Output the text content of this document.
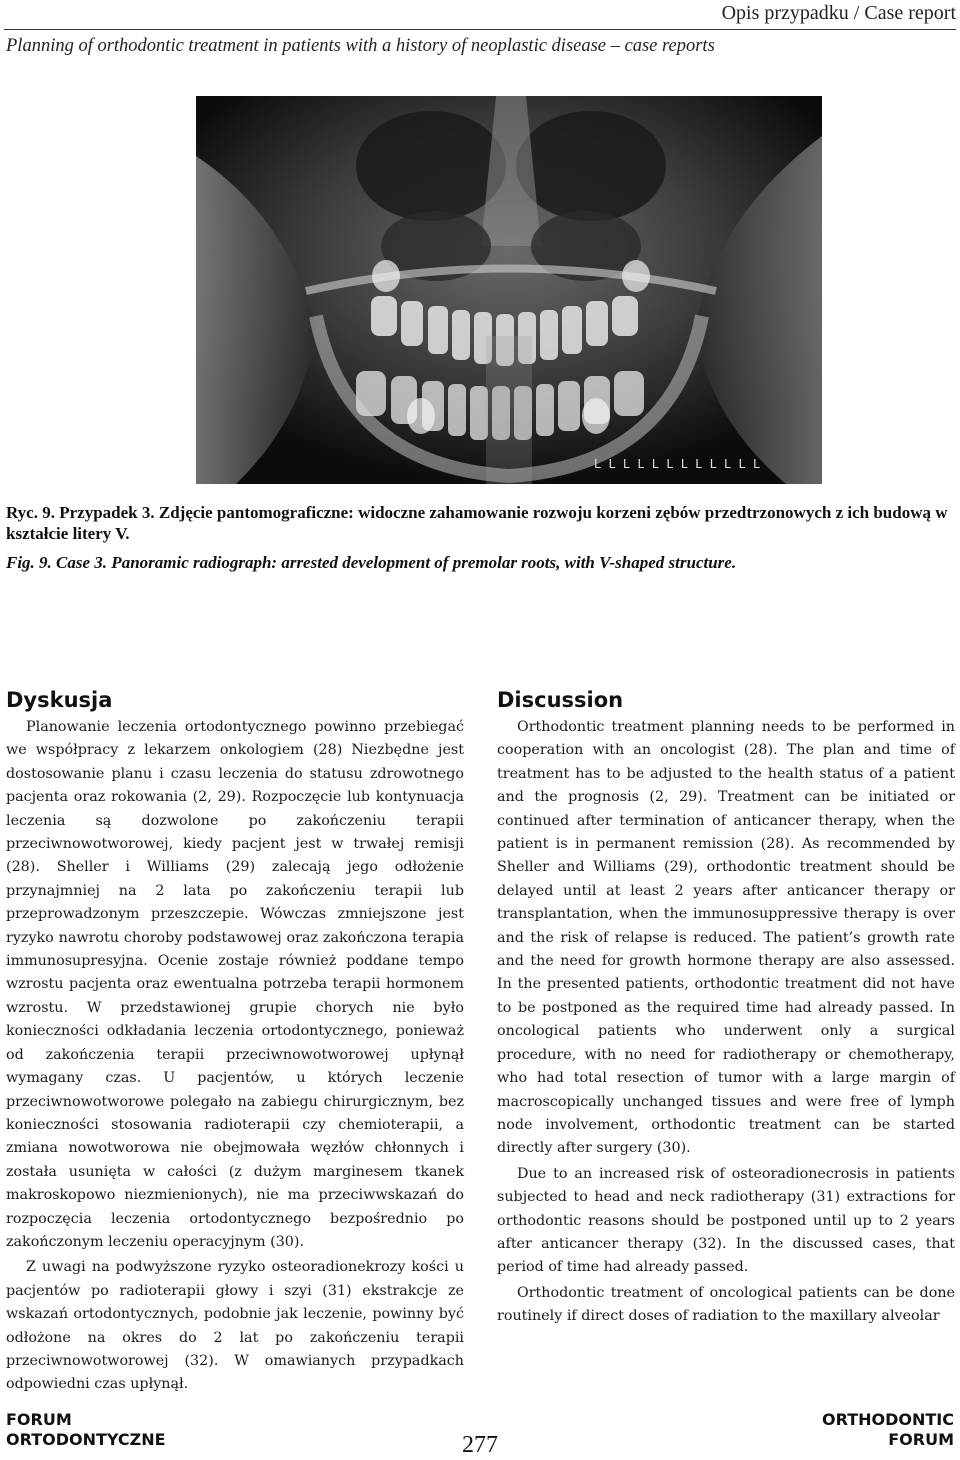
Opis przypadku / Case report
Planning of orthodontic treatment in patients with a history of neoplastic disease – case reports
L L L L L L L L L L L L
Ryc. 9. Przypadek 3. Zdjęcie pantomograficzne: widoczne zahamowanie rozwoju korzeni zębów przedtrzonowych z ich budową w kształcie litery V.
Fig. 9. Case 3. Panoramic radiograph: arrested development of premolar roots, with V-shaped structure.
Dyskusja

Planowanie leczenia ortodontycznego powinno przebiegać we współpracy z lekarzem onkologiem (28) Niezbędne jest dostosowanie planu i czasu leczenia do statusu zdrowotnego pacjenta oraz rokowania (2, 29). Rozpoczęcie lub kontynuacja leczenia są dozwolone po zakończeniu terapii przeciwnowotworowej, kiedy pacjent jest w trwałej remisji (28). Sheller i Williams (29) zalecają jego odłożenie przynajmniej na 2 lata po zakończeniu terapii lub przeprowadzonym przeszczepie. Wówczas zmniejszone jest ryzyko nawrotu choroby podstawowej oraz zakończona terapia immunosupresyjna. Ocenie zostaje również poddane tempo wzrostu pacjenta oraz ewentualna potrzeba terapii hormonem wzrostu. W przedstawionej grupie chorych nie było konieczności odkładania leczenia ortodontycznego, ponieważ od zakończenia terapii przeciwnowotworowej upłynął wymagany czas. U pacjentów, u których leczenie przeciwnowotworowe polegało na zabiegu chirurgicznym, bez konieczności stosowania radioterapii czy chemioterapii, a zmiana nowotworowa nie obejmowała węzłów chłonnych i została usunięta w całości (z dużym marginesem tkanek makroskopowo niezmienionych), nie ma przeciwwskazań do rozpoczęcia leczenia ortodontycznego bezpośrednio po zakończonym leczeniu operacyjnym (30).

Z uwagi na podwyższone ryzyko osteoradionekrozy kości u pacjentów po radioterapii głowy i szyi (31) ekstrakcje ze wskazań ortodontycznych, podobnie jak leczenie, powinny być odłożone na okres do 2 lat po zakończeniu terapii przeciwnowotworowej (32). W omawianych przypadkach odpowiedni czas upłynął.

Discussion

Orthodontic treatment planning needs to be performed in cooperation with an oncologist (28). The plan and time of treatment has to be adjusted to the health status of a patient and the prognosis (2, 29). Treatment can be initiated or continued after termination of anticancer therapy, when the patient is in permanent remission (28). As recommended by Sheller and Williams (29), orthodontic treatment should be delayed until at least 2 years after anticancer therapy or transplantation, when the immunosuppressive therapy is over and the risk of relapse is reduced. The patient’s growth rate and the need for growth hormone therapy are also assessed. In the presented patients, orthodontic treatment did not have to be postponed as the required time had already passed. In oncological patients who underwent only a surgical procedure, with no need for radiotherapy or chemotherapy, who had total resection of tumor with a large margin of macroscopically unchanged tissues and were free of lymph node involvement, orthodontic treatment can be started directly after surgery (30).

Due to an increased risk of osteoradionecrosis in patients subjected to head and neck radiotherapy (31) extractions for orthodontic reasons should be postponed until up to 2 years after anticancer therapy (32). In the discussed cases, that period of time had already passed.

Orthodontic treatment of oncological patients can be done routinely if direct doses of radiation to the maxillary alveolar

FORUM
ORTODONTYCZNE	277
ORTHODONTIC
FORUM
